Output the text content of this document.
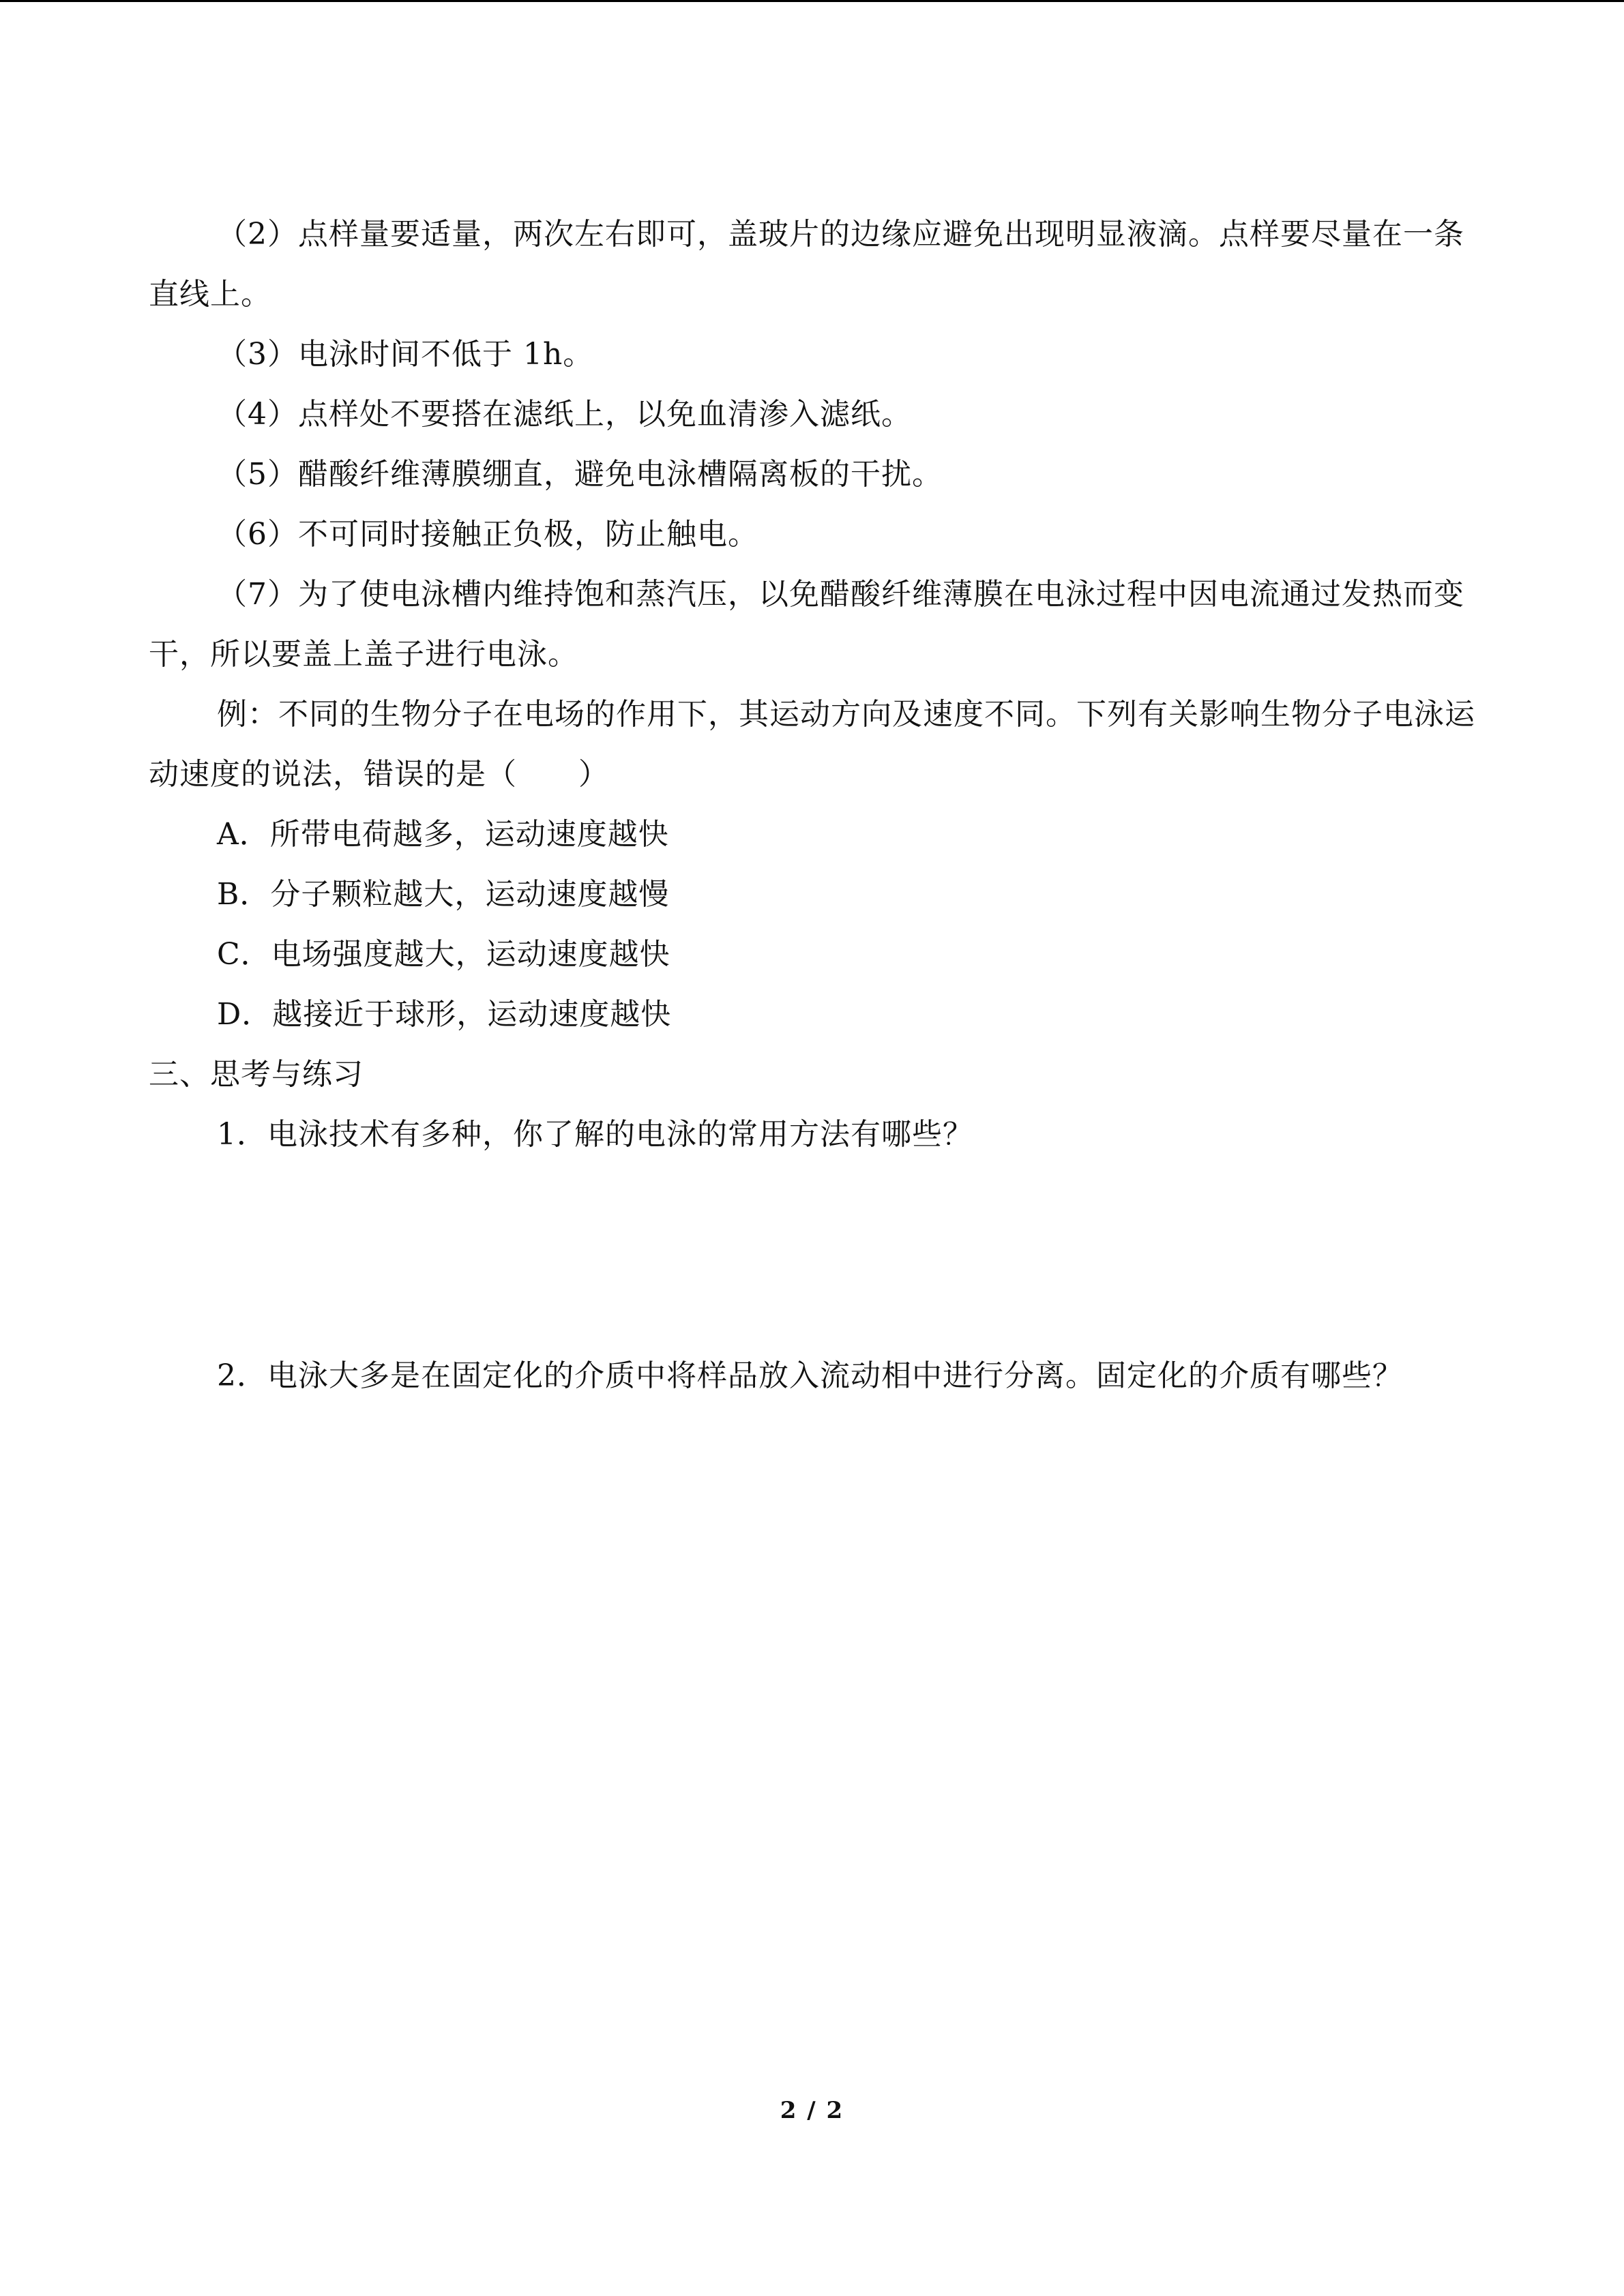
（2）点样量要适量，两次左右即可，盖玻片的边缘应避免出现明显液滴。点样要尽量在一条直线上。

（3）电泳时间不低于 1h。

（4）点样处不要搭在滤纸上，以免血清渗入滤纸。

（5）醋酸纤维薄膜绷直，避免电泳槽隔离板的干扰。

（6）不可同时接触正负极，防止触电。

（7）为了使电泳槽内维持饱和蒸汽压，以免醋酸纤维薄膜在电泳过程中因电流通过发热而变干，所以要盖上盖子进行电泳。

例：不同的生物分子在电场的作用下，其运动方向及速度不同。下列有关影响生物分子电泳运动速度的说法，错误的是（　　）

A．所带电荷越多，运动速度越快

B．分子颗粒越大，运动速度越慢

C．电场强度越大，运动速度越快

D．越接近于球形，运动速度越快

三、思考与练习

1．电泳技术有多种，你了解的电泳的常用方法有哪些？

2．电泳大多是在固定化的介质中将样品放入流动相中进行分离。固定化的介质有哪些？

2 / 2
